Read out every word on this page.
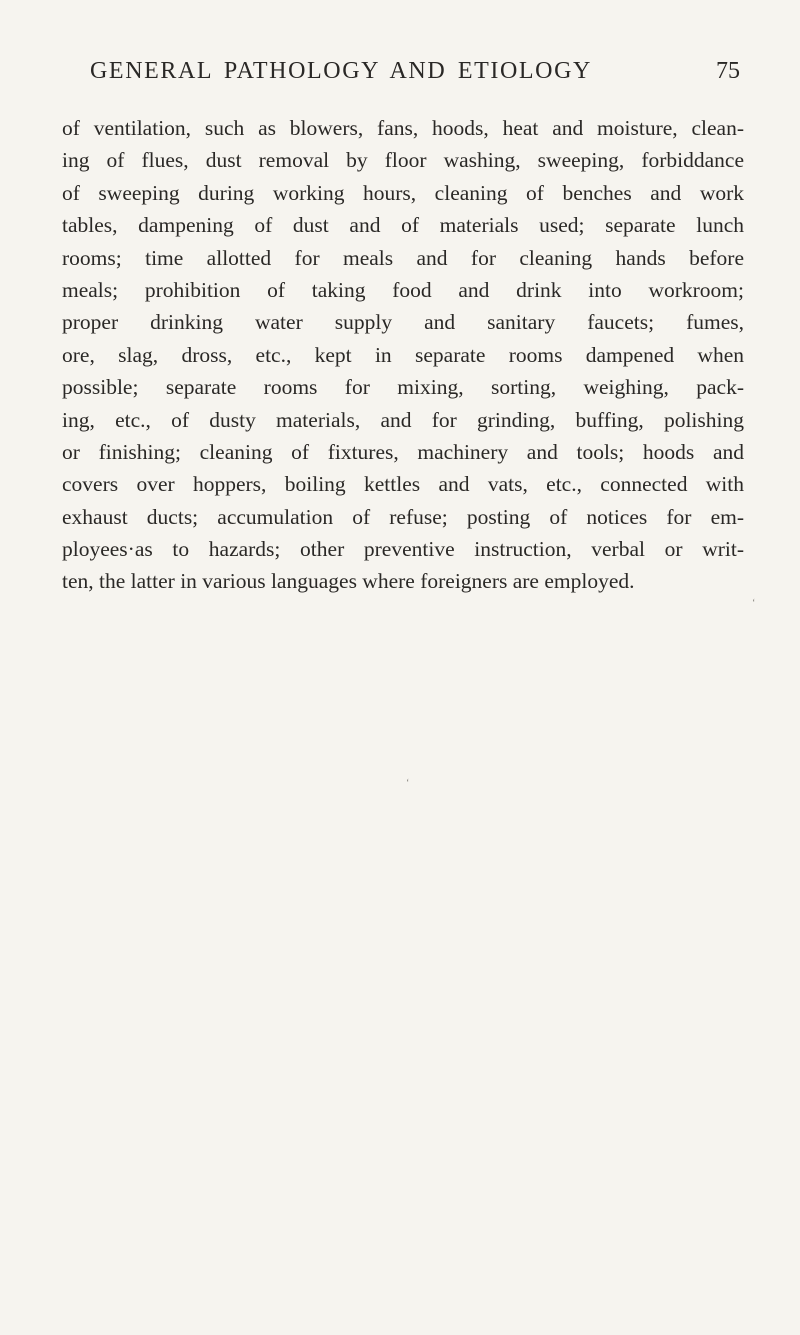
GENERAL PATHOLOGY AND ETIOLOGY	75
of ventilation, such as blowers, fans, hoods, heat and moisture, clean-
ing of flues, dust removal by floor washing, sweeping, forbiddance
of sweeping during working hours, cleaning of benches and work
tables, dampening of dust and of materials used; separate lunch
rooms; time allotted for meals and for cleaning hands before
meals; prohibition of taking food and drink into workroom;
proper drinking water supply and sanitary faucets; fumes,
ore, slag, dross, etc., kept in separate rooms dampened when
possible; separate rooms for mixing, sorting, weighing, pack-
ing, etc., of dusty materials, and for grinding, buffing, polishing
or finishing; cleaning of fixtures, machinery and tools; hoods and
covers over hoppers, boiling kettles and vats, etc., connected with
exhaust ducts; accumulation of refuse; posting of notices for em-
ployees·as to hazards; other preventive instruction, verbal or writ-
ten, the latter in various languages where foreigners are employed.
‘
‘
